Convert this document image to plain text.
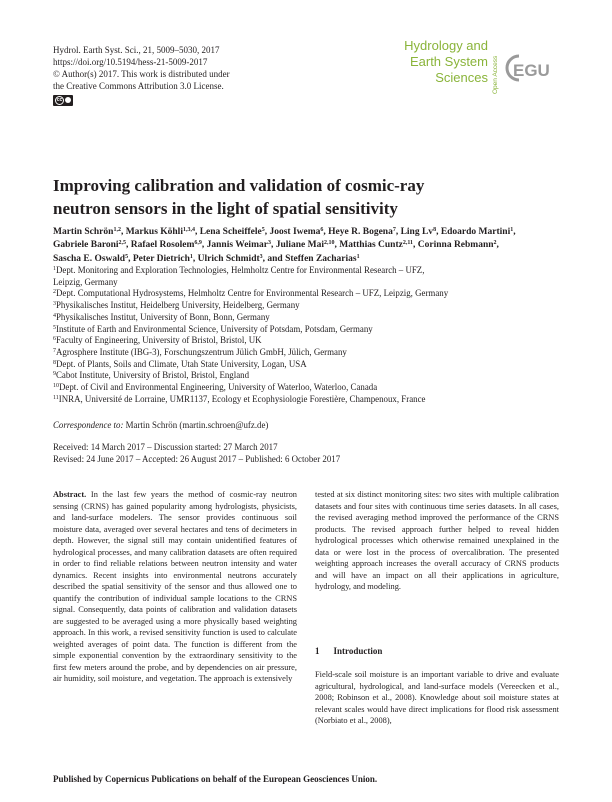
Hydrol. Earth Syst. Sci., 21, 5009–5030, 2017
https://doi.org/10.5194/hess-21-5009-2017
© Author(s) 2017. This work is distributed under
the Creative Commons Attribution 3.0 License.
cc
Hydrology and
Earth System
Sciences Open Access EGU
Improving calibration and validation of cosmic-ray
neutron sensors in the light of spatial sensitivity
Martin Schrön$^{1,2}$, Markus Köhli$^{1,3,4}$, Lena Scheiffele$^5$, Joost Iwema$^6$, Heye R. Bogena$^7$, Ling Lv$^8$, Edoardo Martini$^1$,
Gabriele Baroni$^{2,5}$, Rafael Rosolem$^{6,9}$, Jannis Weimar$^3$, Juliane Mai$^{2,10}$, Matthias Cuntz$^{2,11}$, Corinna Rebmann$^2$,
Sascha E. Oswald$^5$, Peter Dietrich$^1$, Ulrich Schmidt$^3$, and Steffen Zacharias$^1$
$^1$Dept. Monitoring and Exploration Technologies, Helmholtz Centre for Environmental Research – UFZ,
Leipzig, Germany
$^2$Dept. Computational Hydrosystems, Helmholtz Centre for Environmental Research – UFZ, Leipzig, Germany
$^3$Physikalisches Institut, Heidelberg University, Heidelberg, Germany
$^4$Physikalisches Institut, University of Bonn, Bonn, Germany
$^5$Institute of Earth and Environmental Science, University of Potsdam, Potsdam, Germany
$^6$Faculty of Engineering, University of Bristol, Bristol, UK
$^7$Agrosphere Institute (IBG-3), Forschungszentrum Jülich GmbH, Jülich, Germany
$^8$Dept. of Plants, Soils and Climate, Utah State University, Logan, USA
$^9$Cabot Institute, University of Bristol, Bristol, England
$^{10}$Dept. of Civil and Environmental Engineering, University of Waterloo, Waterloo, Canada
$^{11}$INRA, Université de Lorraine, UMR1137, Ecology et Ecophysiologie Forestière, Champenoux, France
Correspondence to: Martin Schrön (martin.schroen@ufz.de)
Received: 14 March 2017 – Discussion started: 27 March 2017
Revised: 24 June 2017 – Accepted: 26 August 2017 – Published: 6 October 2017
Abstract. In the last few years the method of cosmic-ray neutron sensing (CRNS) has gained popularity among hydrologists, physicists, and land-surface modelers. The sensor provides continuous soil moisture data, averaged over several hectares and tens of decimeters in depth. However, the signal still may contain unidentified features of hydrological processes, and many calibration datasets are often required in order to find reliable relations between neutron intensity and water dynamics. Recent insights into environmental neutrons accurately described the spatial sensitivity of the sensor and thus allowed one to quantify the contribution of individual sample locations to the CRNS signal. Consequently, data points of calibration and validation datasets are suggested to be averaged using a more physically based weighting approach. In this work, a revised sensitivity function is used to calculate weighted averages of point data. The function is different from the simple exponential convention by the extraordinary sensitivity to the first few meters around the probe, and by dependencies on air pressure, air humidity, soil moisture, and vegetation. The approach is extensively
tested at six distinct monitoring sites: two sites with multiple calibration datasets and four sites with continuous time series datasets. In all cases, the revised averaging method improved the performance of the CRNS products. The revised approach further helped to reveal hidden hydrological processes which otherwise remained unexplained in the data or were lost in the process of overcalibration. The presented weighting approach increases the overall accuracy of CRNS products and will have an impact on all their applications in agriculture, hydrology, and modeling.
1 Introduction
Field-scale soil moisture is an important variable to drive and evaluate agricultural, hydrological, and land-surface models (Vereecken et al., 2008; Robinson et al., 2008). Knowledge about soil moisture states at relevant scales would have direct implications for flood risk assessment (Norbiato et al., 2008),
Published by Copernicus Publications on behalf of the European Geosciences Union.
